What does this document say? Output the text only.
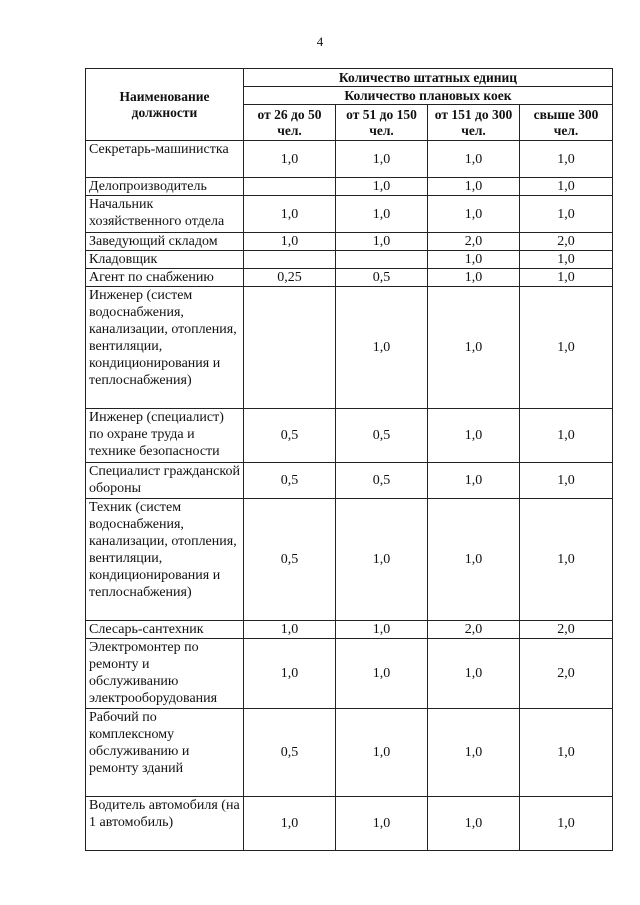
4
Наименование должности	Количество штатных единиц			
	Количество плановых коек			
	от 26 до 50 чел.	от 51 до 150 чел.	от 151 до 300 чел.	свыше 300 чел.
Секретарь-машинистка	1,0	1,0	1,0	1,0
Делопроизводитель		1,0	1,0	1,0
Начальник хозяйственного отдела	1,0	1,0	1,0	1,0
Заведующий складом	1,0	1,0	2,0	2,0
Кладовщик			1,0	1,0
Агент по снабжению	0,25	0,5	1,0	1,0
Инженер (систем водоснабжения, канализации, отопления, вентиляции, кондиционирования и теплоснабжения)		1,0	1,0	1,0
Инженер (специалист) по охране труда и технике безопасности	0,5	0,5	1,0	1,0
Специалист гражданской обороны	0,5	0,5	1,0	1,0
Техник (систем водоснабжения, канализации, отопления, вентиляции, кондиционирования и теплоснабжения)	0,5	1,0	1,0	1,0
Слесарь-сантехник	1,0	1,0	2,0	2,0
Электромонтер по ремонту и обслуживанию электрооборудования	1,0	1,0	1,0	2,0
Рабочий по комплексному обслуживанию и ремонту зданий	0,5	1,0	1,0	1,0
Водитель автомобиля (на 1 автомобиль)	1,0	1,0	1,0	1,0
